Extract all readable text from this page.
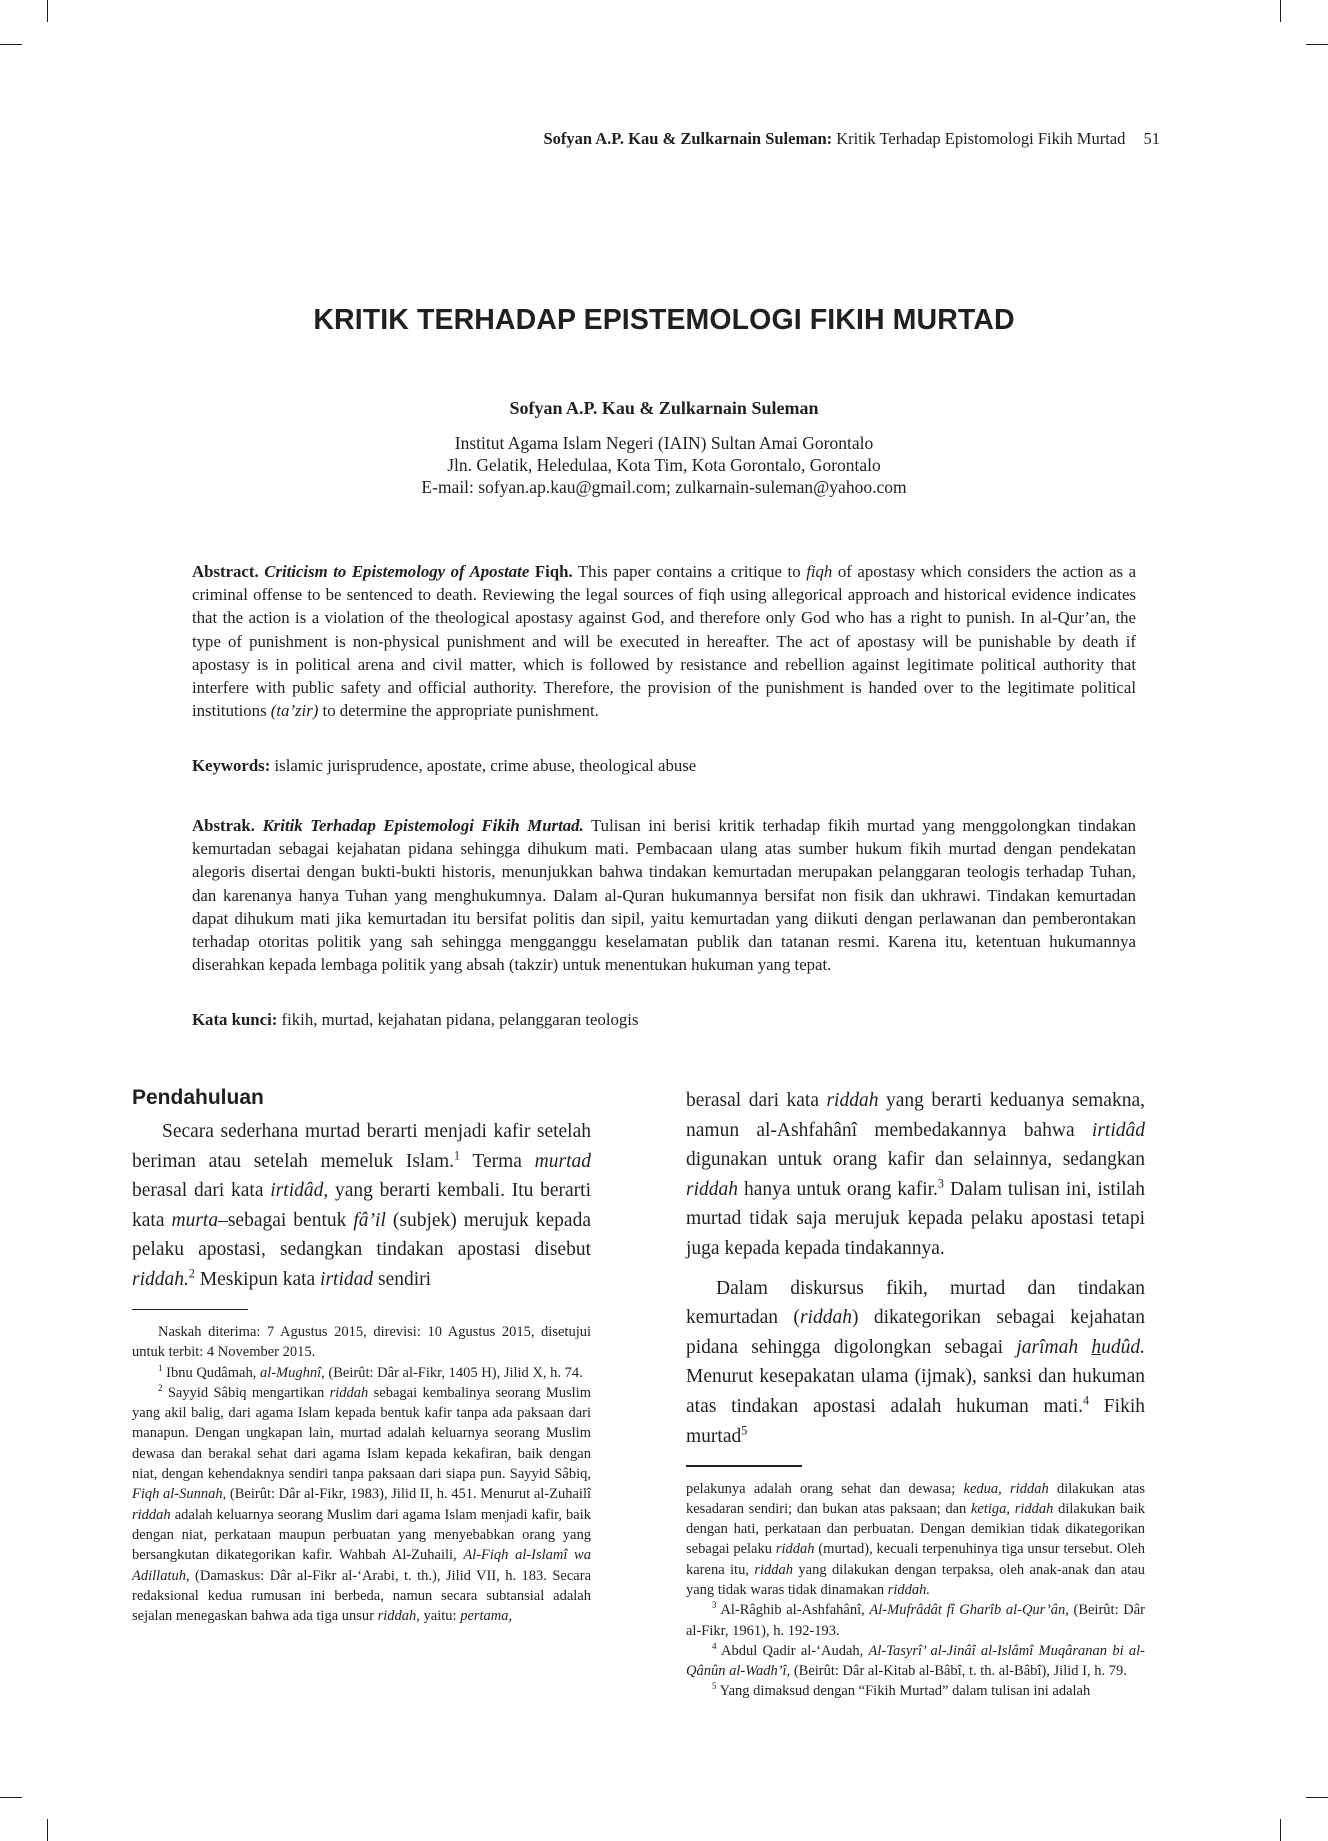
Sofyan A.P. Kau & Zulkarnain Suleman: Kritik Terhadap Epistomologi Fikih Murtad 51
KRITIK TERHADAP EPISTEMOLOGI FIKIH MURTAD
Sofyan A.P. Kau & Zulkarnain Suleman
Institut Agama Islam Negeri (IAIN) Sultan Amai Gorontalo
Jln. Gelatik, Heledulaa, Kota Tim, Kota Gorontalo, Gorontalo
E-mail: sofyan.ap.kau@gmail.com; zulkarnain-suleman@yahoo.com

Abstract. Criticism to Epistemology of Apostate Fiqh. This paper contains a critique to fiqh of apostasy which considers the action as a criminal offense to be sentenced to death. Reviewing the legal sources of fiqh using allegorical approach and historical evidence indicates that the action is a violation of the theological apostasy against God, and therefore only God who has a right to punish. In al-Qur’an, the type of punishment is non-physical punishment and will be executed in hereafter. The act of apostasy will be punishable by death if apostasy is in political arena and civil matter, which is followed by resistance and rebellion against legitimate political authority that interfere with public safety and official authority. Therefore, the provision of the punishment is handed over to the legitimate political institutions (ta’zir) to determine the appropriate punishment.

Keywords: islamic jurisprudence, apostate, crime abuse, theological abuse

Abstrak. Kritik Terhadap Epistemologi Fikih Murtad. Tulisan ini berisi kritik terhadap fikih murtad yang menggolongkan tindakan kemurtadan sebagai kejahatan pidana sehingga dihukum mati. Pembacaan ulang atas sumber hukum fikih murtad dengan pendekatan alegoris disertai dengan bukti-bukti historis, menunjukkan bahwa tindakan kemurtadan merupakan pelanggaran teologis terhadap Tuhan, dan karenanya hanya Tuhan yang menghukumnya. Dalam al-Quran hukumannya bersifat non fisik dan ukhrawi. Tindakan kemurtadan dapat dihukum mati jika kemurtadan itu bersifat politis dan sipil, yaitu kemurtadan yang diikuti dengan perlawanan dan pemberontakan terhadap otoritas politik yang sah sehingga mengganggu keselamatan publik dan tatanan resmi. Karena itu, ketentuan hukumannya diserahkan kepada lembaga politik yang absah (takzir) untuk menentukan hukuman yang tepat.

Kata kunci: fikih, murtad, kejahatan pidana, pelanggaran teologis
Pendahuluan

Secara sederhana murtad berarti menjadi kafir setelah beriman atau setelah memeluk Islam.$^1$ Terma murtad berasal dari kata irtidâd, yang berarti kembali. Itu berarti kata murta–sebagai bentuk fâ’il (subjek) merujuk kepada pelaku apostasi, sedangkan tindakan apostasi disebut riddah.$^2$ Meskipun kata irtidad sendiri

Naskah diterima: 7 Agustus 2015, direvisi: 10 Agustus 2015, disetujui untuk terbit: 4 November 2015.

$^1$ Ibnu Qudâmah, al-Mughnî, (Beirût: Dâr al-Fikr, 1405 H), Jilid X, h. 74.

$^2$ Sayyid Sâbiq mengartikan riddah sebagai kembalinya seorang Muslim yang akil balig, dari agama Islam kepada bentuk kafir tanpa ada paksaan dari manapun. Dengan ungkapan lain, murtad adalah keluarnya seorang Muslim dewasa dan berakal sehat dari agama Islam kepada kekafiran, baik dengan niat, dengan kehendaknya sendiri tanpa paksaan dari siapa pun. Sayyid Sâbiq, Fiqh al-Sunnah, (Beirût: Dâr al-Fikr, 1983), Jilid II, h. 451. Menurut al-Zuhailî riddah adalah keluarnya seorang Muslim dari agama Islam menjadi kafir, baik dengan niat, perkataan maupun perbuatan yang menyebabkan orang yang bersangkutan dikategorikan kafir. Wahbah Al-Zuhaili, Al-Fiqh al-Islamî wa Adillatuh, (Damaskus: Dâr al-Fikr al-‘Arabi, t. th.), Jilid VII, h. 183. Secara redaksional kedua rumusan ini berbeda, namun secara subtansial adalah sejalan menegaskan bahwa ada tiga unsur riddah, yaitu: pertama,

berasal dari kata riddah yang berarti keduanya semakna, namun al-Ashfahânî membedakannya bahwa irtidâd digunakan untuk orang kafir dan selainnya, sedangkan riddah hanya untuk orang kafir.$^3$ Dalam tulisan ini, istilah murtad tidak saja merujuk kepada pelaku apostasi tetapi juga kepada kepada tindakannya.

Dalam diskursus fikih, murtad dan tindakan kemurtadan (riddah) dikategorikan sebagai kejahatan pidana sehingga digolongkan sebagai jarîmah hudûd. Menurut kesepakatan ulama (ijmak), sanksi dan hukuman atas tindakan apostasi adalah hukuman mati.$^4$ Fikih murtad$^5$

pelakunya adalah orang sehat dan dewasa; kedua, riddah dilakukan atas kesadaran sendiri; dan bukan atas paksaan; dan ketiga, riddah dilakukan baik dengan hati, perkataan dan perbuatan. Dengan demikian tidak dikategorikan sebagai pelaku riddah (murtad), kecuali terpenuhinya tiga unsur tersebut. Oleh karena itu, riddah yang dilakukan dengan terpaksa, oleh anak-anak dan atau yang tidak waras tidak dinamakan riddah.

$^3$ Al-Râghib al-Ashfahânî, Al-Mufrâdât fî Gharîb al-Qur’ân, (Beirût: Dâr al-Fikr, 1961), h. 192-193.

$^4$ Abdul Qadir al-‘Audah, Al-Tasyrî’ al-Jinâî al-Islâmî Muqâranan bi al-Qânûn al-Wadh’î, (Beirût: Dâr al-Kitab al-Bâbî, t. th. al-Bâbî), Jilid I, h. 79.

$^5$ Yang dimaksud dengan “Fikih Murtad” dalam tulisan ini adalah
